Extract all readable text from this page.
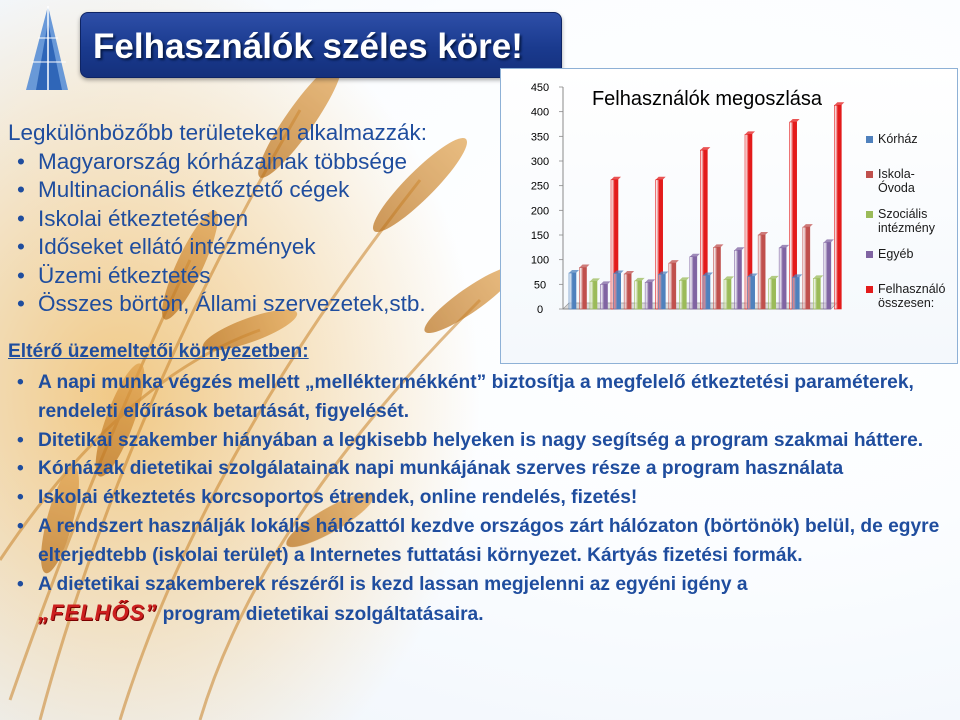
Felhasználók széles köre!
Legkülönbözőbb területeken alkalmazzák:
• Magyarország kórházainak többsége
• Multinacionális étkeztető cégek
• Iskolai étkeztetésben
• Időseket ellátó intézmények
• Üzemi étkeztetés
• Összes börtön, Állami szervezetek,stb.
Felhasználók megoszlása
0
50
100
150
200
250
300
350
400
450
Kórház
Iskola-
Óvoda
Szociális
intézmény
Egyéb
Felhasználó
összesen:
Eltérő üzemeltetői környezetben:
• A napi munka végzés mellett „melléktermékként” biztosítja a megfelelő étkeztetési paraméterek, rendeleti előírások betartását, figyelését.
• Ditetikai szakember hiányában a legkisebb helyeken is nagy segítség a program szakmai háttere.
• Kórházak dietetikai szolgálatainak napi munkájának szerves része a program használata
• Iskolai étkeztetés korcsoportos étrendek, online rendelés, fizetés!
• A rendszert használják lokális hálózattól kezdve országos zárt hálózaton (börtönök) belül, de egyre elterjedtebb (iskolai terület) a Internetes futtatási környezet. Kártyás fizetési formák.
• A dietetikai szakemberek részéről is kezd lassan megjelenni az egyéni igény a
„FELHŐS” program dietetikai szolgáltatásaira.
